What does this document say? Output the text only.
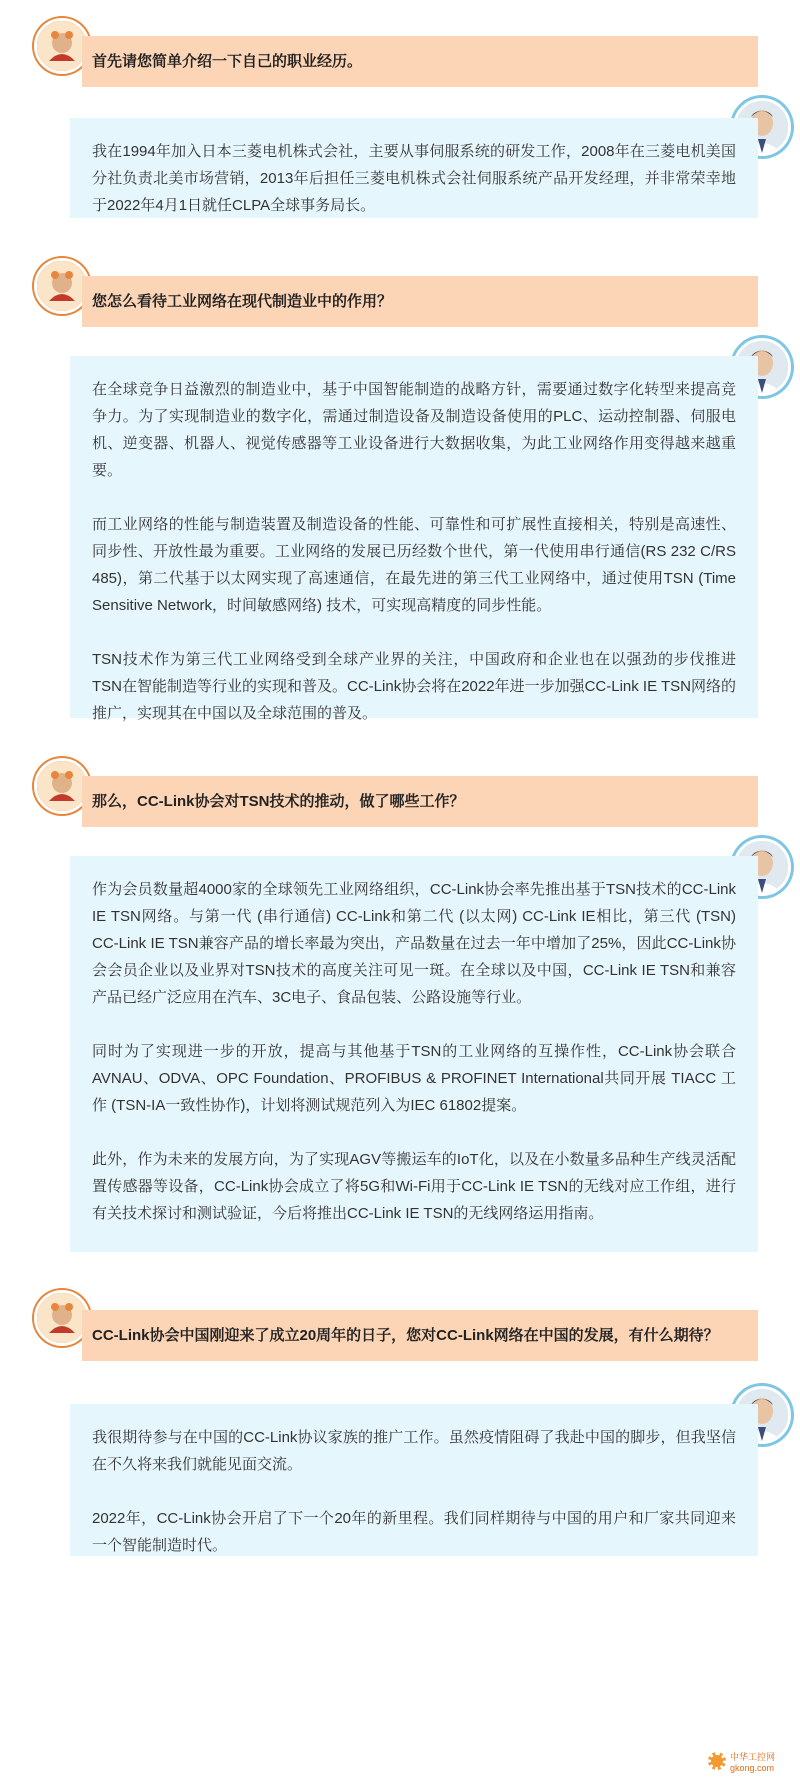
首先请您简单介绍一下自己的职业经历。

我在1994年加入日本三菱电机株式会社，主要从事伺服系统的研发工作，2008年在三菱电机美国分社负责北美市场营销，2013年后担任三菱电机株式会社伺服系统产品开发经理，并非常荣幸地于2022年4月1日就任CLPA全球事务局长。

您怎么看待工业网络在现代制造业中的作用？

在全球竞争日益激烈的制造业中，基于中国智能制造的战略方针，需要通过数字化转型来提高竞争力。为了实现制造业的数字化，需通过制造设备及制造设备使用的PLC、运动控制器、伺服电机、逆变器、机器人、视觉传感器等工业设备进行大数据收集，为此工业网络作用变得越来越重要。

而工业网络的性能与制造装置及制造设备的性能、可靠性和可扩展性直接相关，特别是高速性、同步性、开放性最为重要。工业网络的发展已历经数个世代，第一代使用串行通信(RS 232 C/RS 485)，第二代基于以太网实现了高速通信，在最先进的第三代工业网络中，通过使用TSN (Time Sensitive Network，时间敏感网络) 技术，可实现高精度的同步性能。

TSN技术作为第三代工业网络受到全球产业界的关注，中国政府和企业也在以强劲的步伐推进TSN在智能制造等行业的实现和普及。CC-Link协会将在2022年进一步加强CC-Link IE TSN网络的推广，实现其在中国以及全球范围的普及。

那么，CC-Link协会对TSN技术的推动，做了哪些工作？

作为会员数量超4000家的全球领先工业网络组织，CC-Link协会率先推出基于TSN技术的CC-Link IE TSN网络。与第一代 (串行通信) CC-Link和第二代 (以太网) CC-Link IE相比，第三代 (TSN) CC-Link IE TSN兼容产品的增长率最为突出，产品数量在过去一年中增加了25%，因此CC-Link协会会员企业以及业界对TSN技术的高度关注可见一斑。在全球以及中国，CC-Link IE TSN和兼容产品已经广泛应用在汽车、3C电子、食品包装、公路设施等行业。

同时为了实现进一步的开放，提高与其他基于TSN的工业网络的互操作性，CC-Link协会联合AVNAU、ODVA、OPC Foundation、PROFIBUS & PROFINET International共同开展 TIACC 工作 (TSN-IA一致性协作)，计划将测试规范列入为IEC 61802提案。

此外，作为未来的发展方向，为了实现AGV等搬运车的IoT化，以及在小数量多品种生产线灵活配置传感器等设备，CC-Link协会成立了将5G和Wi-Fi用于CC-Link IE TSN的无线对应工作组，进行有关技术探讨和测试验证，今后将推出CC-Link IE TSN的无线网络运用指南。

CC-Link协会中国刚迎来了成立20周年的日子，您对CC-Link网络在中国的发展，有什么期待？

我很期待参与在中国的CC-Link协议家族的推广工作。虽然疫情阻碍了我赴中国的脚步，但我坚信在不久将来我们就能见面交流。

2022年，CC-Link协会开启了下一个20年的新里程。我们同样期待与中国的用户和厂家共同迎来一个智能制造时代。

中华工控网 gkong.com
